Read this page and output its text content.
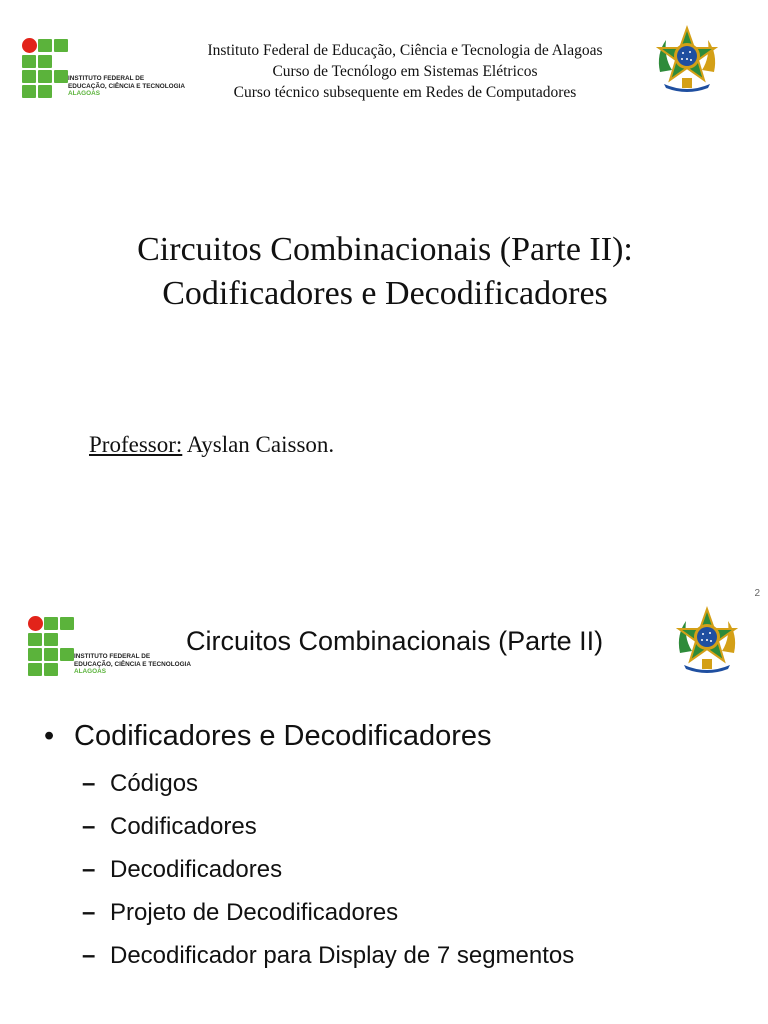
INSTITUTO FEDERAL DE
EDUCAÇÃO, CIÊNCIA E TECNOLOGIA
ALAGOAS
Instituto Federal de Educação, Ciência e Tecnologia de Alagoas
Curso de Tecnólogo em Sistemas Elétricos
Curso técnico subsequente em Redes de Computadores
Circuitos Combinacionais (Parte II):
Codificadores e Decodificadores
Professor: Ayslan Caisson.
2
INSTITUTO FEDERAL DE
EDUCAÇÃO, CIÊNCIA E TECNOLOGIA
ALAGOAS
Circuitos Combinacionais (Parte II)
• Codificadores e Decodificadores
– Códigos
– Codificadores
– Decodificadores
– Projeto de Decodificadores
– Decodificador para Display de 7 segmentos
